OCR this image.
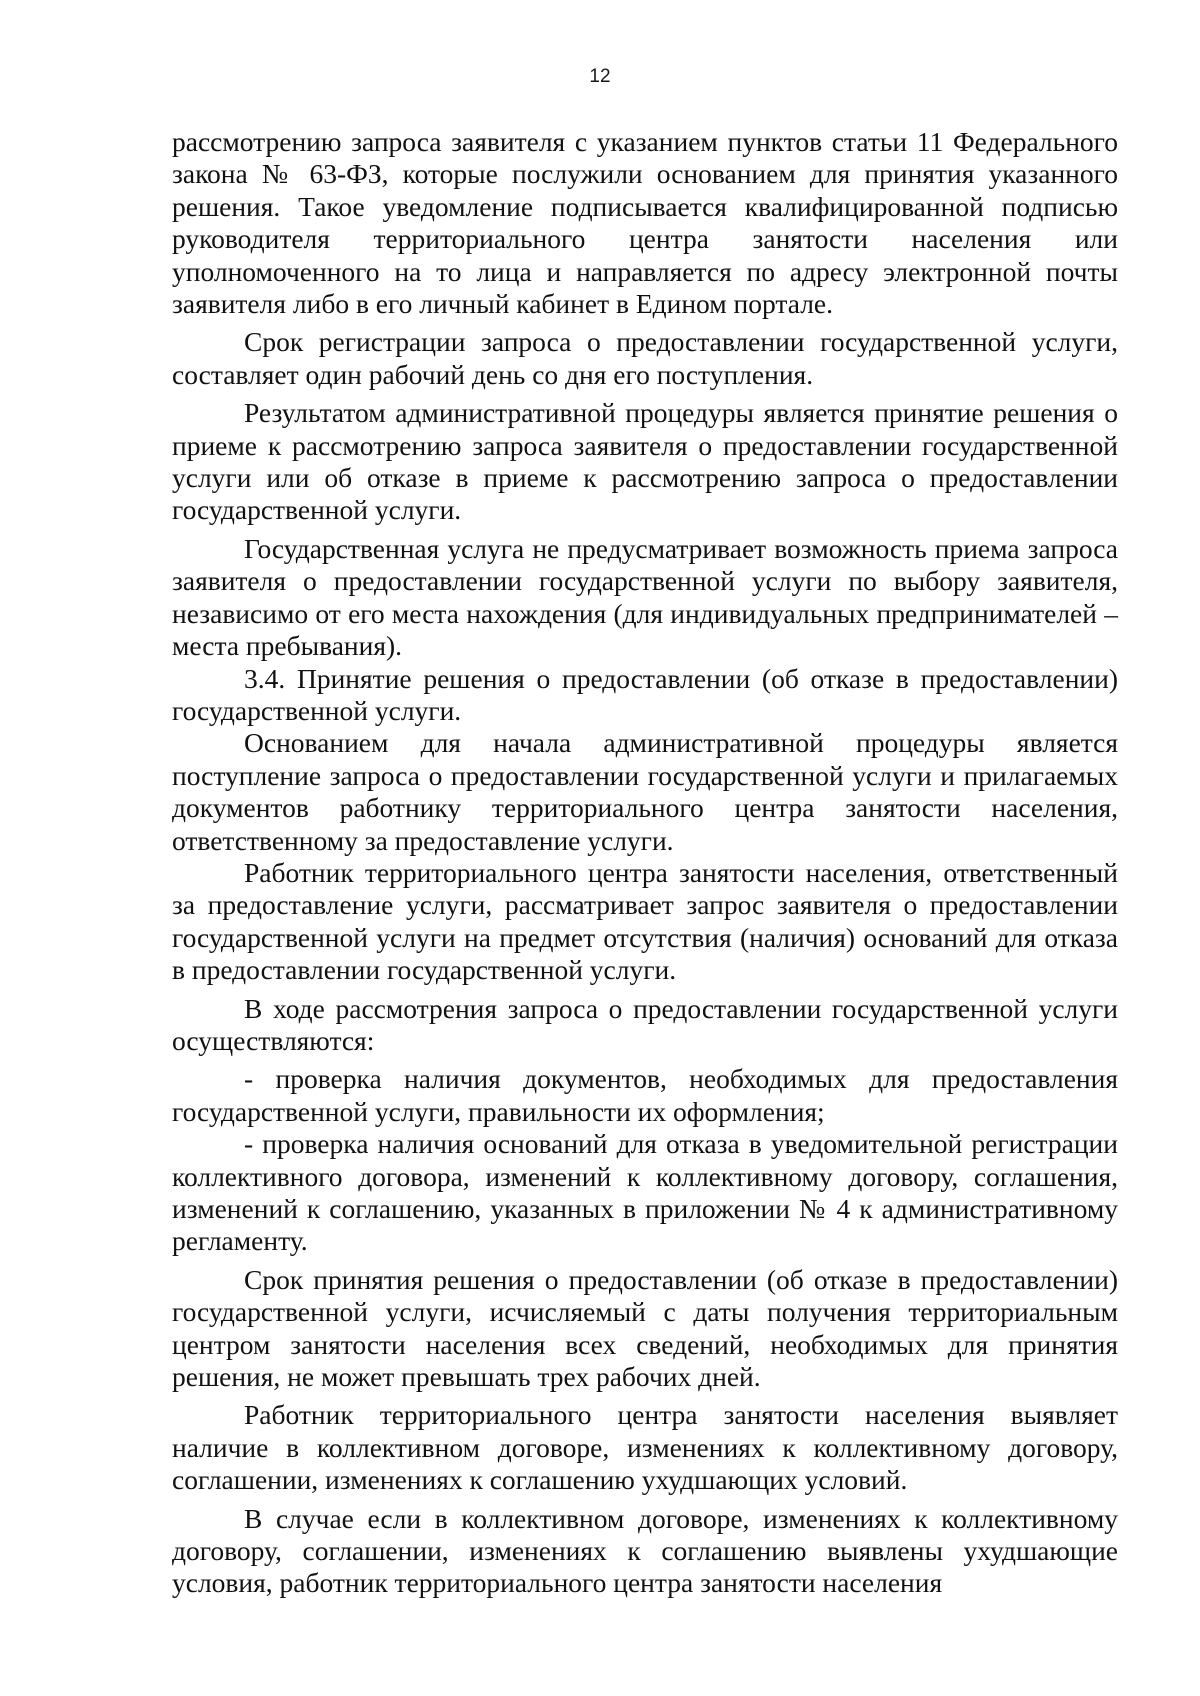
12

рассмотрению запроса заявителя с указанием пунктов статьи 11 Федерального закона № 63-ФЗ, которые послужили основанием для принятия указанного решения. Такое уведомление подписывается квалифицированной подписью руководителя территориального центра занятости населения или уполномоченного на то лица и направляется по адресу электронной почты заявителя либо в его личный кабинет в Едином портале.

Срок регистрации запроса о предоставлении государственной услуги, составляет один рабочий день со дня его поступления.

Результатом административной процедуры является принятие решения о приеме к рассмотрению запроса заявителя о предоставлении государственной услуги или об отказе в приеме к рассмотрению запроса о предоставлении государственной услуги.

Государственная услуга не предусматривает возможность приема запроса заявителя о предоставлении государственной услуги по выбору заявителя, независимо от его места нахождения (для индивидуальных предпринимателей – места пребывания).

3.4. Принятие решения о предоставлении (об отказе в предоставлении) государственной услуги.

Основанием для начала административной процедуры является поступление запроса о предоставлении государственной услуги и прилагаемых документов работнику территориального центра занятости населения, ответственному за предоставление услуги.

Работник территориального центра занятости населения, ответственный за предоставление услуги, рассматривает запрос заявителя о предоставлении государственной услуги на предмет отсутствия (наличия) оснований для отказа в предоставлении государственной услуги.

В ходе рассмотрения запроса о предоставлении государственной услуги осуществляются:

- проверка наличия документов, необходимых для предоставления государственной услуги, правильности их оформления;

- проверка наличия оснований для отказа в уведомительной регистрации коллективного договора, изменений к коллективному договору, соглашения, изменений к соглашению, указанных в приложении № 4 к административному регламенту.

Срок принятия решения о предоставлении (об отказе в предоставлении) государственной услуги, исчисляемый с даты получения территориальным центром занятости населения всех сведений, необходимых для принятия решения, не может превышать трех рабочих дней.

Работник территориального центра занятости населения выявляет наличие в коллективном договоре, изменениях к коллективному договору, соглашении, изменениях к соглашению ухудшающих условий.

В случае если в коллективном договоре, изменениях к коллективному договору, соглашении, изменениях к соглашению выявлены ухудшающие условия, работник территориального центра занятости населения
